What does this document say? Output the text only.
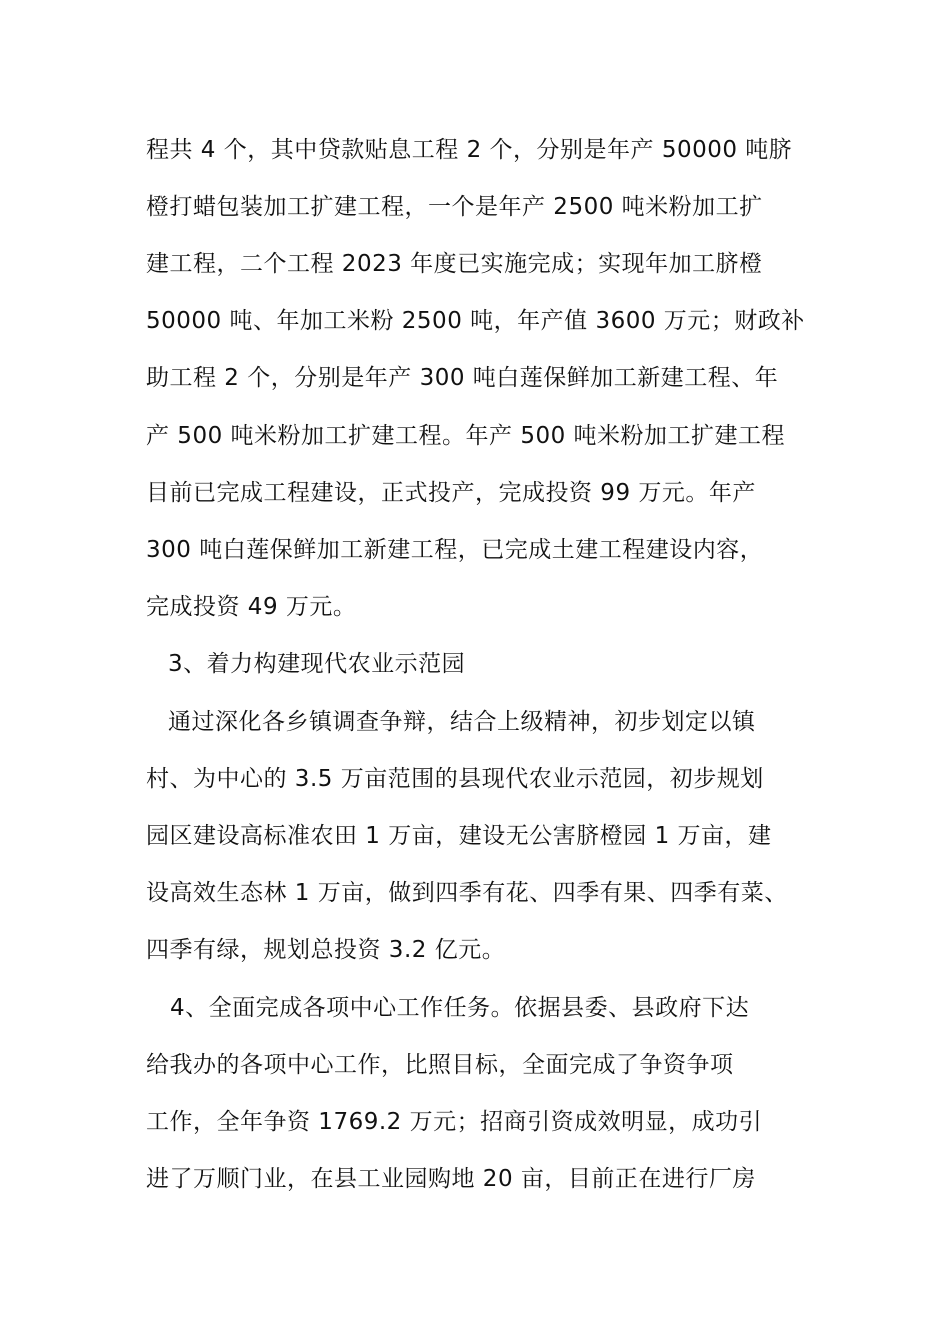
程共 4 个，其中贷款贴息工程 2 个，分别是年产 50000 吨脐
橙打蜡包装加工扩建工程，一个是年产 2500 吨米粉加工扩
建工程，二个工程 2023 年度已实施完成；实现年加工脐橙
50000 吨、年加工米粉 2500 吨，年产值 3600 万元；财政补
助工程 2 个，分别是年产 300 吨白莲保鲜加工新建工程、年
产 500 吨米粉加工扩建工程。年产 500 吨米粉加工扩建工程
目前已完成工程建设，正式投产，完成投资 99 万元。年产
300 吨白莲保鲜加工新建工程，已完成土建工程建设内容，
完成投资 49 万元。
3、着力构建现代农业示范园
通过深化各乡镇调查争辩，结合上级精神，初步划定以镇
村、为中心的 3.5 万亩范围的县现代农业示范园，初步规划
园区建设高标准农田 1 万亩，建设无公害脐橙园 1 万亩，建
设高效生态林 1 万亩，做到四季有花、四季有果、四季有菜、
四季有绿，规划总投资 3.2 亿元。
4、全面完成各项中心工作任务。依据县委、县政府下达
给我办的各项中心工作，比照目标，全面完成了争资争项
工作，全年争资 1769.2 万元；招商引资成效明显，成功引
进了万顺门业，在县工业园购地 20 亩，目前正在进行厂房
